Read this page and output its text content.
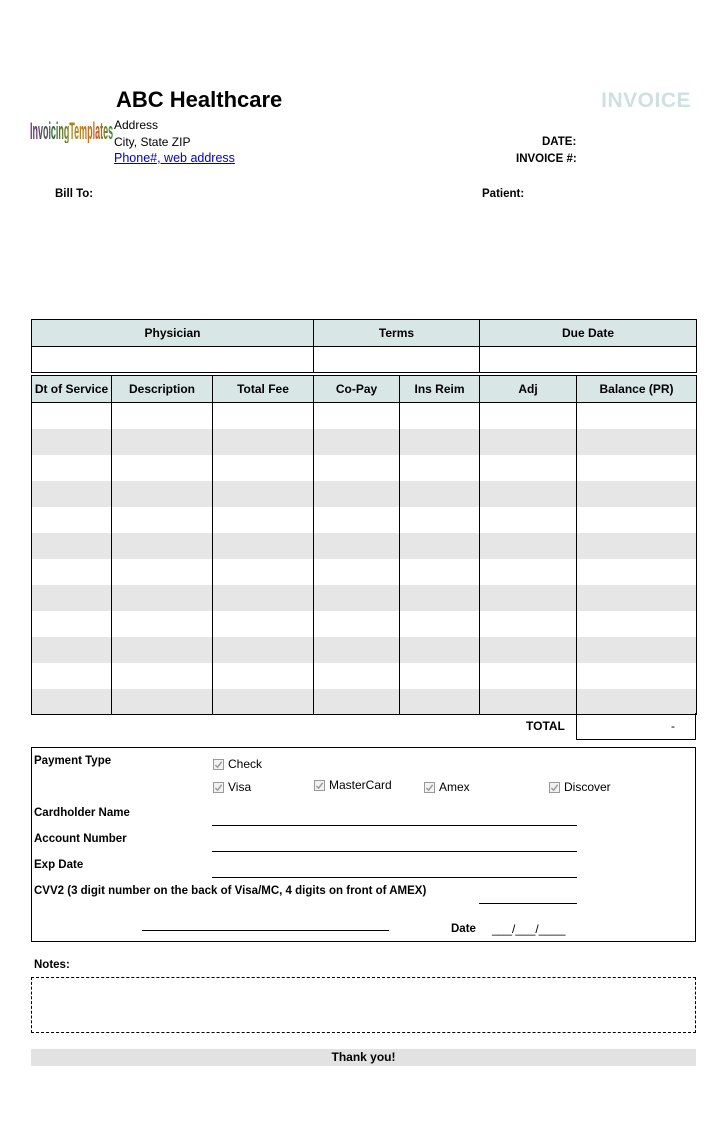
InvoicingTemplates
ABC Healthcare
Address
City, State ZIP
Phone#, web address
INVOICE
DATE:
INVOICE #:
Bill To:	Patient:
Physician	Terms	Due Date

Dt of Service	Description	Total Fee	Co-Pay	Ins Reim	Adj	Balance (PR)

TOTAL	-
Payment Type	Check
Visa	MasterCard	Amex	Discover
Cardholder Name
Account Number
Exp Date
CVV2 (3 digit number on the back of Visa/MC, 4 digits on front of AMEX)
Date ___/___/____
Notes:
Thank you!
